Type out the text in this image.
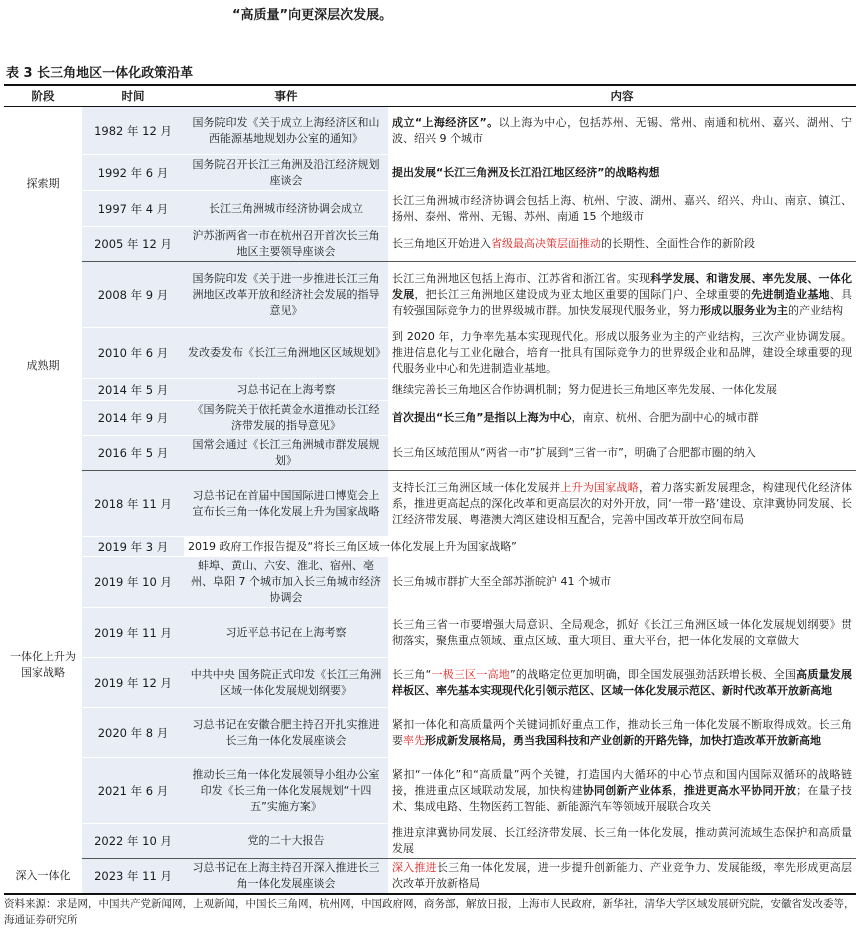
“高质量”向更深层次发展。
表 3 长三角地区一体化政策沿革
阶段	时间	事件	内容
探索期	1982 年 12 月	国务院印发《关于成立上海经济区和山西能源基地规划办公室的通知》	成立“上海经济区”。以上海为中心，包括苏州、无锡、常州、南通和杭州、嘉兴、湖州、宁波、绍兴 9 个城市
	1992 年 6 月	国务院召开长江三角洲及沿江经济规划座谈会	提出发展“长江三角洲及长江沿江地区经济”的战略构想
	1997 年 4 月	长江三角洲城市经济协调会成立	长江三角洲城市经济协调会包括上海、杭州、宁波、湖州、嘉兴、绍兴、舟山、南京、镇江、扬州、泰州、常州、无锡、苏州、南通 15 个地级市
	2005 年 12 月	沪苏浙两省一市在杭州召开首次长三角地区主要领导座谈会	长三角地区开始进入省级最高决策层面推动的长期性、全面性合作的新阶段
成熟期	2008 年 9 月	国务院印发《关于进一步推进长江三角洲地区改革开放和经济社会发展的指导意见》	长江三角洲地区包括上海市、江苏省和浙江省。实现科学发展、和谐发展、率先发展、一体化发展，把长江三角洲地区建设成为亚太地区重要的国际门户、全球重要的先进制造业基地、具有较强国际竞争力的世界级城市群。加快发展现代服务业，努力形成以服务业为主的产业结构
	2010 年 6 月	发改委发布《长江三角洲地区区域规划》	到 2020 年，力争率先基本实现现代化。形成以服务业为主的产业结构，三次产业协调发展。推进信息化与工业化融合，培育一批具有国际竞争力的世界级企业和品牌，建设全球重要的现代服务业中心和先进制造业基地。
	2014 年 5 月	习总书记在上海考察	继续完善长三角地区合作协调机制；努力促进长三角地区率先发展、一体化发展
	2014 年 9 月	《国务院关于依托黄金水道推动长江经济带发展的指导意见》	首次提出“长三角”是指以上海为中心，南京、杭州、合肥为副中心的城市群
	2016 年 5 月	国常会通过《长江三角洲城市群发展规划》	长三角区域范围从“两省一市”扩展到“三省一市”，明确了合肥都市圈的纳入
一体化上升为国家战略	2018 年 11 月	习总书记在首届中国国际进口博览会上宣布长三角一体化发展上升为国家战略	支持长江三角洲区域一体化发展并上升为国家战略，着力落实新发展理念，构建现代化经济体系，推进更高起点的深化改革和更高层次的对外开放，同‘一带一路’建设、京津冀协同发展、长江经济带发展、粤港澳大湾区建设相互配合，完善中国改革开放空间布局
	2019 年 3 月	2019 政府工作报告提及“将长三角区域一体化发展上升为国家战略”	
	2019 年 10 月	蚌埠、黄山、六安、淮北、宿州、亳州、阜阳 7 个城市加入长三角城市经济协调会	长三角城市群扩大至全部苏浙皖沪 41 个城市
	2019 年 11 月	习近平总书记在上海考察	长三角三省一市要增强大局意识、全局观念，抓好《长江三角洲区域一体化发展规划纲要》贯彻落实，聚焦重点领域、重点区域、重大项目、重大平台，把一体化发展的文章做大
	2019 年 12 月	中共中央 国务院正式印发《长江三角洲区域一体化发展规划纲要》	长三角“一极三区一高地”的战略定位更加明确，即全国发展强劲活跃增长极、全国高质量发展样板区、率先基本实现现代化引领示范区、区域一体化发展示范区、新时代改革开放新高地
	2020 年 8 月	习总书记在安徽合肥主持召开扎实推进长三角一体化发展座谈会	紧扣一体化和高质量两个关键词抓好重点工作，推动长三角一体化发展不断取得成效。长三角要率先形成新发展格局，勇当我国科技和产业创新的开路先锋，加快打造改革开放新高地
	2021 年 6 月	推动长三角一体化发展领导小组办公室印发《长三角一体化发展规划“十四五”实施方案》	紧扣“一体化”和“高质量”两个关键，打造国内大循环的中心节点和国内国际双循环的战略链接，推进重点区域联动发展，加快构建协同创新产业体系，推进更高水平协同开放；在量子技术、集成电路、生物医药工智能、新能源汽车等领域开展联合攻关
	2022 年 10 月	党的二十大报告	推进京津冀协同发展、长江经济带发展、长三角一体化发展，推动黄河流域生态保护和高质量发展
深入一体化	2023 年 11 月	习总书记在上海主持召开深入推进长三角一体化发展座谈会	深入推进长三角一体化发展，进一步提升创新能力、产业竞争力、发展能级，率先形成更高层次改革开放新格局
资料来源：求是网，中国共产党新闻网，上观新闻，中国长三角网，杭州网，中国政府网，商务部，解放日报，上海市人民政府，新华社，清华大学区域发展研究院，安徽省发改委等，海通证券研究所
